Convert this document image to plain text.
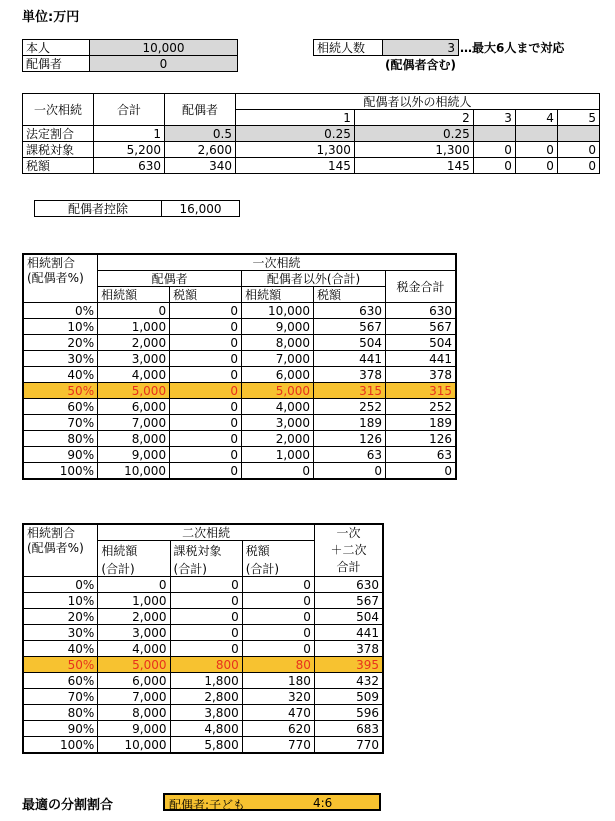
単位:万円
本人	10,000
配偶者	0
相続人数	3 …最大6人まで対応
(配偶者含む)
一次相続	合計	配偶者	配偶者以外の相続人				
			1	2	3	4	5
法定割合	1	0.5	0.25	0.25			
課税対象	5,200	2,600	1,300	1,300	0	0	0
税額	630	340	145	145	0	0	0
配偶者控除	16,000
相続割合	一次相続				
(配偶者%)	配偶者		配偶者以外(合計)		税金合計
	相続額	税額	相続額	税額	
0%	0	0	10,000	630	630
10%	1,000	0	9,000	567	567
20%	2,000	0	8,000	504	504
30%	3,000	0	7,000	441	441
40%	4,000	0	6,000	378	378
50%	5,000	0	5,000	315	315
60%	6,000	0	4,000	252	252
70%	7,000	0	3,000	189	189
80%	8,000	0	2,000	126	126
90%	9,000	0	1,000	63	63
100%	10,000	0	0	0	0
相続割合	二次相続			一次
＋二次
合計

(配偶者%)	相続額	課税対象	税額	
	(合計)	(合計)	(合計)	
0%	0	0	0	630
10%	1,000	0	0	567
20%	2,000	0	0	504
30%	3,000	0	0	441
40%	4,000	0	0	378
50%	5,000	800	80	395
60%	6,000	1,800	180	432
70%	7,000	2,800	320	509
80%	8,000	3,800	470	596
90%	9,000	4,800	620	683
100%	10,000	5,800	770	770
最適の分割割合	配偶者:子ども	4:6
